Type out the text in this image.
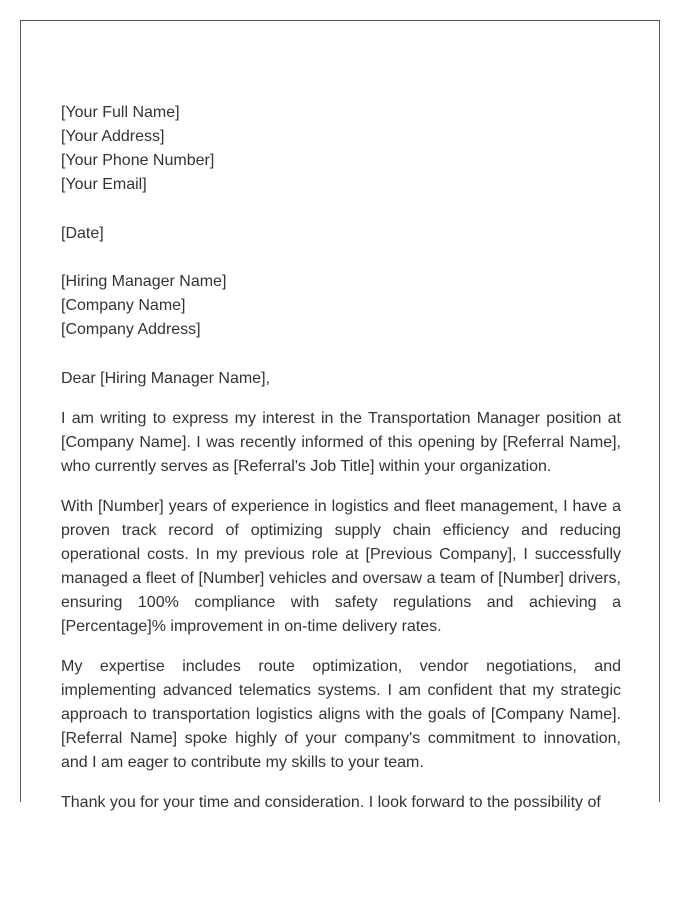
[Your Full Name]
[Your Address]
[Your Phone Number]
[Your Email]
[Date]
[Hiring Manager Name]
[Company Name]
[Company Address]
Dear [Hiring Manager Name],

I am writing to express my interest in the Transportation Manager position at [Company Name]. I was recently informed of this opening by [Referral Name], who currently serves as [Referral's Job Title] within your organization.

With [Number] years of experience in logistics and fleet management, I have a proven track record of optimizing supply chain efficiency and reducing operational costs. In my previous role at [Previous Company], I successfully managed a fleet of [Number] vehicles and oversaw a team of [Number] drivers, ensuring 100% compliance with safety regulations and achieving a [Percentage]% improvement in on-time delivery rates.

My expertise includes route optimization, vendor negotiations, and implementing advanced telematics systems. I am confident that my strategic approach to transportation logistics aligns with the goals of [Company Name]. [Referral Name] spoke highly of your company's commitment to innovation, and I am eager to contribute my skills to your team.

Thank you for your time and consideration. I look forward to the possibility of
